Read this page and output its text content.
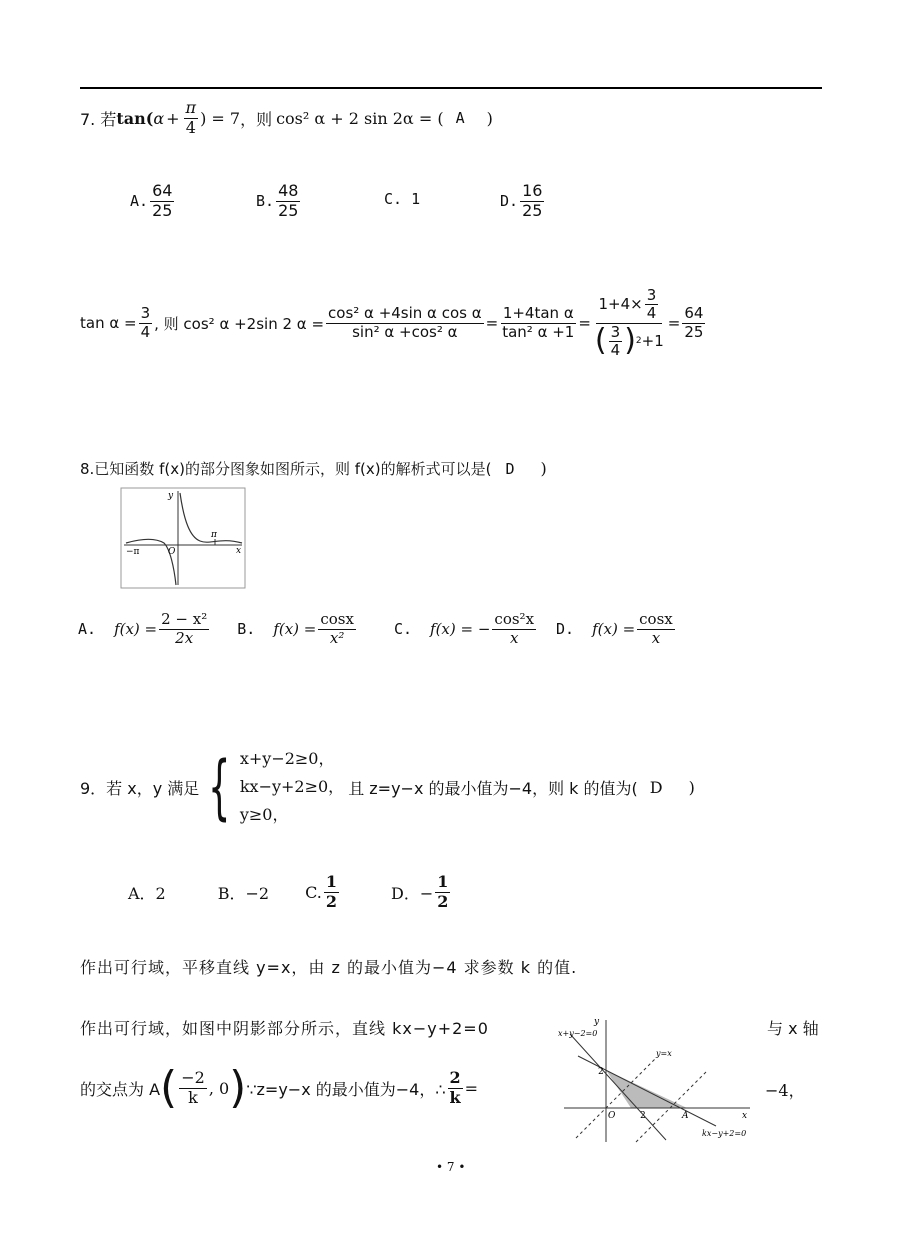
7. 若 tan( $\alpha + \frac{\pi}{4}$ ) = 7 ，则 cos² α + 2 sin 2α = ( A )
A. $\frac{64}{25}$	B. $\frac{48}{25}$	C. 1	D. $\frac{16}{25}$
$\tan \alpha = \frac{3}{4}$ , 则 cos² α +2sin 2 $\alpha = \frac{\text{cos² α +4sin α cos α}}{\text{sin² α +cos² α}} = \frac{\text{1+4tan α}}{\text{tan² α +1}} = \frac{1+4\times \frac{3}{4}}{( \frac{3}{4} ) 2 +1} = \frac{64}{25}$
8.已知函数 f(x)的部分图象如图所示，则 f(x)的解析式可以是( D )
y
π
−π	O	x
A. $f(x) = \frac{\text{2 − x²}}{2x} B$. $f(x) = \frac{\cos x}{\text{x²}}$	C. f(x) = − $\frac{\text{cos²x}}{x} D$. $f(x) = \frac{\cos x}{x}$
9．若 x，y 满足 { x+y−2≥0，
kx−y+2≥0，
y≥0，
且 z=y−x 的最小值为−4，则 k 的值为( D )
A．2	B．−2 C. $\frac{1}{2}$	D．− $\frac{1}{2}$
作出可行域，平移直线 y=x，由 z 的最小值为−4 求参数 k 的值.
作出可行域，如图中阴影部分所示，直线 kx−y+2=0	与 x 轴
的交点为 A ( $\frac{-2}{k}$ , 0 ) ∵z=y−x 的最小值为−4，∴ $\frac{2}{k}$ =	−4，
y
x
O
2
2	A
x+y−2=0
y=x
kx−y+2=0
• 7 •
